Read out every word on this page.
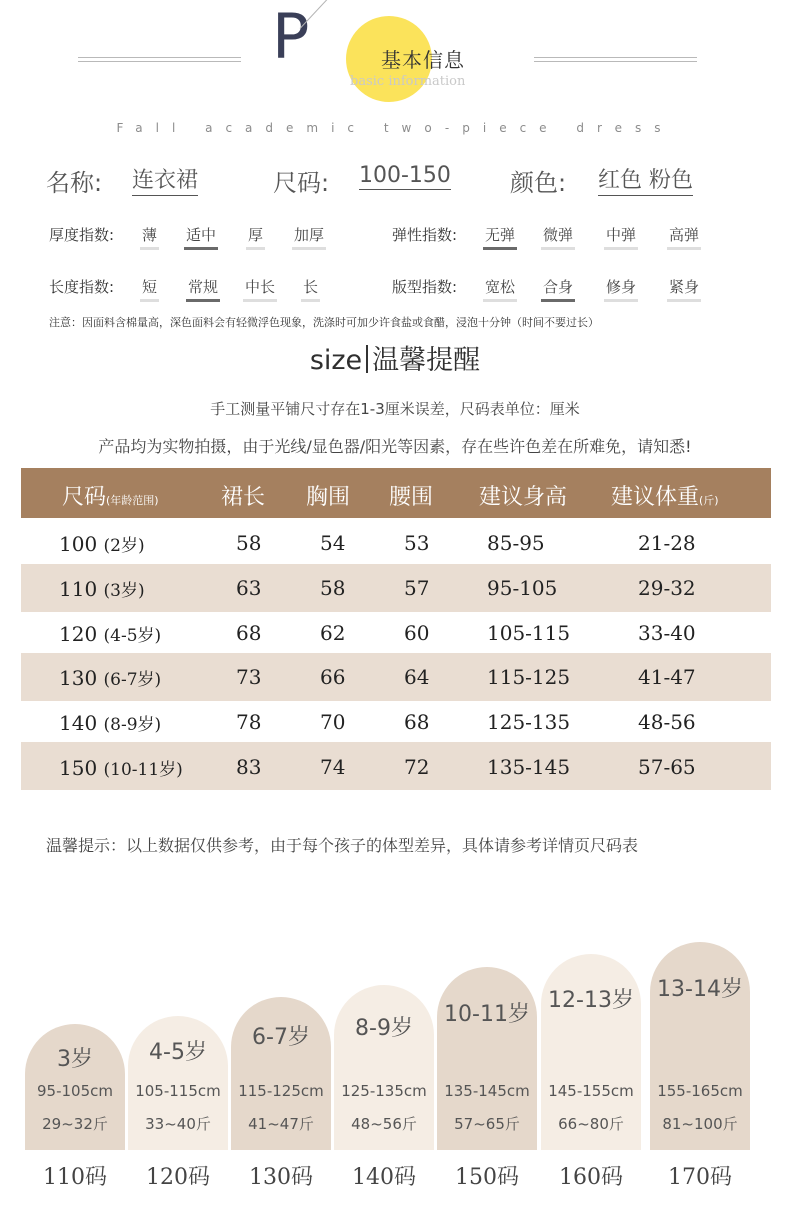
P	基本信息
basic information
Fall academic two-piece dress
名称: 连衣裙	尺码: 100-150 颜色: 红色 粉色
厚度指数: 薄 适中 厚 加厚	弹性指数: 无弹 微弹 中弹 高弹
长度指数: 短 常规 中长 长	版型指数: 宽松 合身 修身 紧身
注意：因面料含棉量高，深色面料会有轻微浮色现象，洗涤时可加少许食盐或食醋，浸泡十分钟（时间不要过长）
size 温馨提醒
手工测量平铺尺寸存在1-3厘米误差，尺码表单位：厘米
产品均为实物拍摄，由于光线/显色器/阳光等因素，存在些许色差在所难免，请知悉!
尺码(年龄范围)	裙长 胸围 腰围 建议身高 建议体重(斤)
100 (2岁)	58	54	53	85-95	21-28
110 (3岁)	63	58	57	95-105	29-32
120 (4-5岁)	68	62	60	105-115	33-40
130 (6-7岁)	73	66	64	115-125	41-47
140 (8-9岁)	78	70	68	125-135	48-56
150 (10-11岁)	83	74	72	135-145	57-65
温馨提示：以上数据仅供参考，由于每个孩子的体型差异，具体请参考详情页尺码表
3岁
95-105cm
29~32斤
110码
4-5岁
105-115cm
33~40斤
120码
6-7岁
115-125cm
41~47斤
130码
8-9岁
125-135cm
48~56斤
140码
10-11岁
135-145cm
57~65斤
150码
12-13岁
145-155cm
66~80斤
160码
13-14岁
155-165cm
81~100斤
170码
